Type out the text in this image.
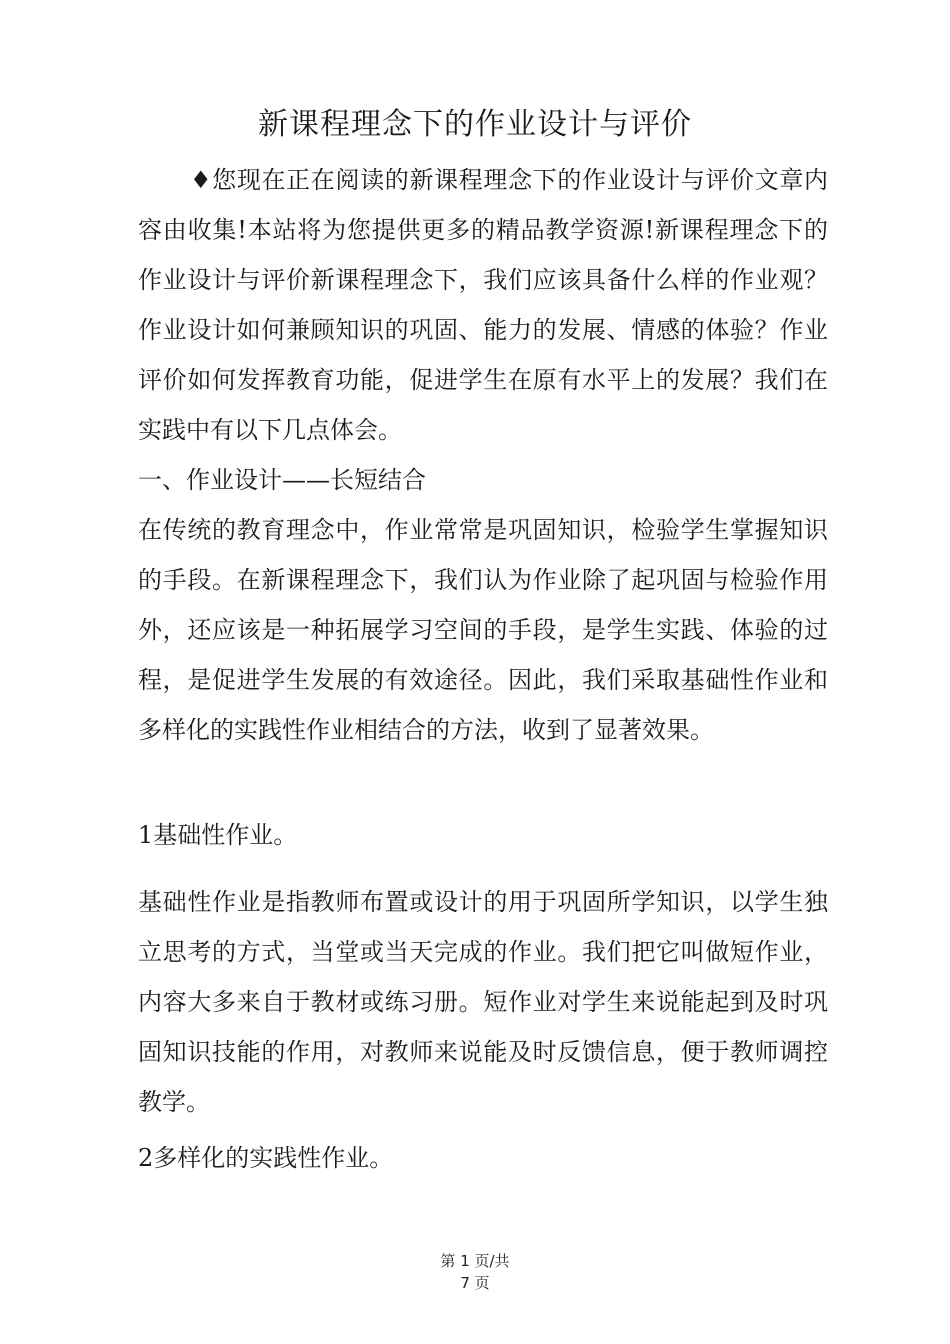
新课程理念下的作业设计与评价

♦您现在正在阅读的新课程理念下的作业设计与评价文章内容由收集!本站将为您提供更多的精品教学资源!新课程理念下的作业设计与评价新课程理念下，我们应该具备什么样的作业观？作业设计如何兼顾知识的巩固、能力的发展、情感的体验？作业评价如何发挥教育功能，促进学生在原有水平上的发展？我们在实践中有以下几点体会。

一、作业设计——长短结合

在传统的教育理念中，作业常常是巩固知识，检验学生掌握知识的手段。在新课程理念下，我们认为作业除了起巩固与检验作用外，还应该是一种拓展学习空间的手段，是学生实践、体验的过程，是促进学生发展的有效途径。因此，我们采取基础性作业和多样化的实践性作业相结合的方法，收到了显著效果。

1基础性作业。

基础性作业是指教师布置或设计的用于巩固所学知识，以学生独立思考的方式，当堂或当天完成的作业。我们把它叫做短作业，内容大多来自于教材或练习册。短作业对学生来说能起到及时巩固知识技能的作用，对教师来说能及时反馈信息，便于教师调控教学。

2多样化的实践性作业。

第 1 页/共
7 页
